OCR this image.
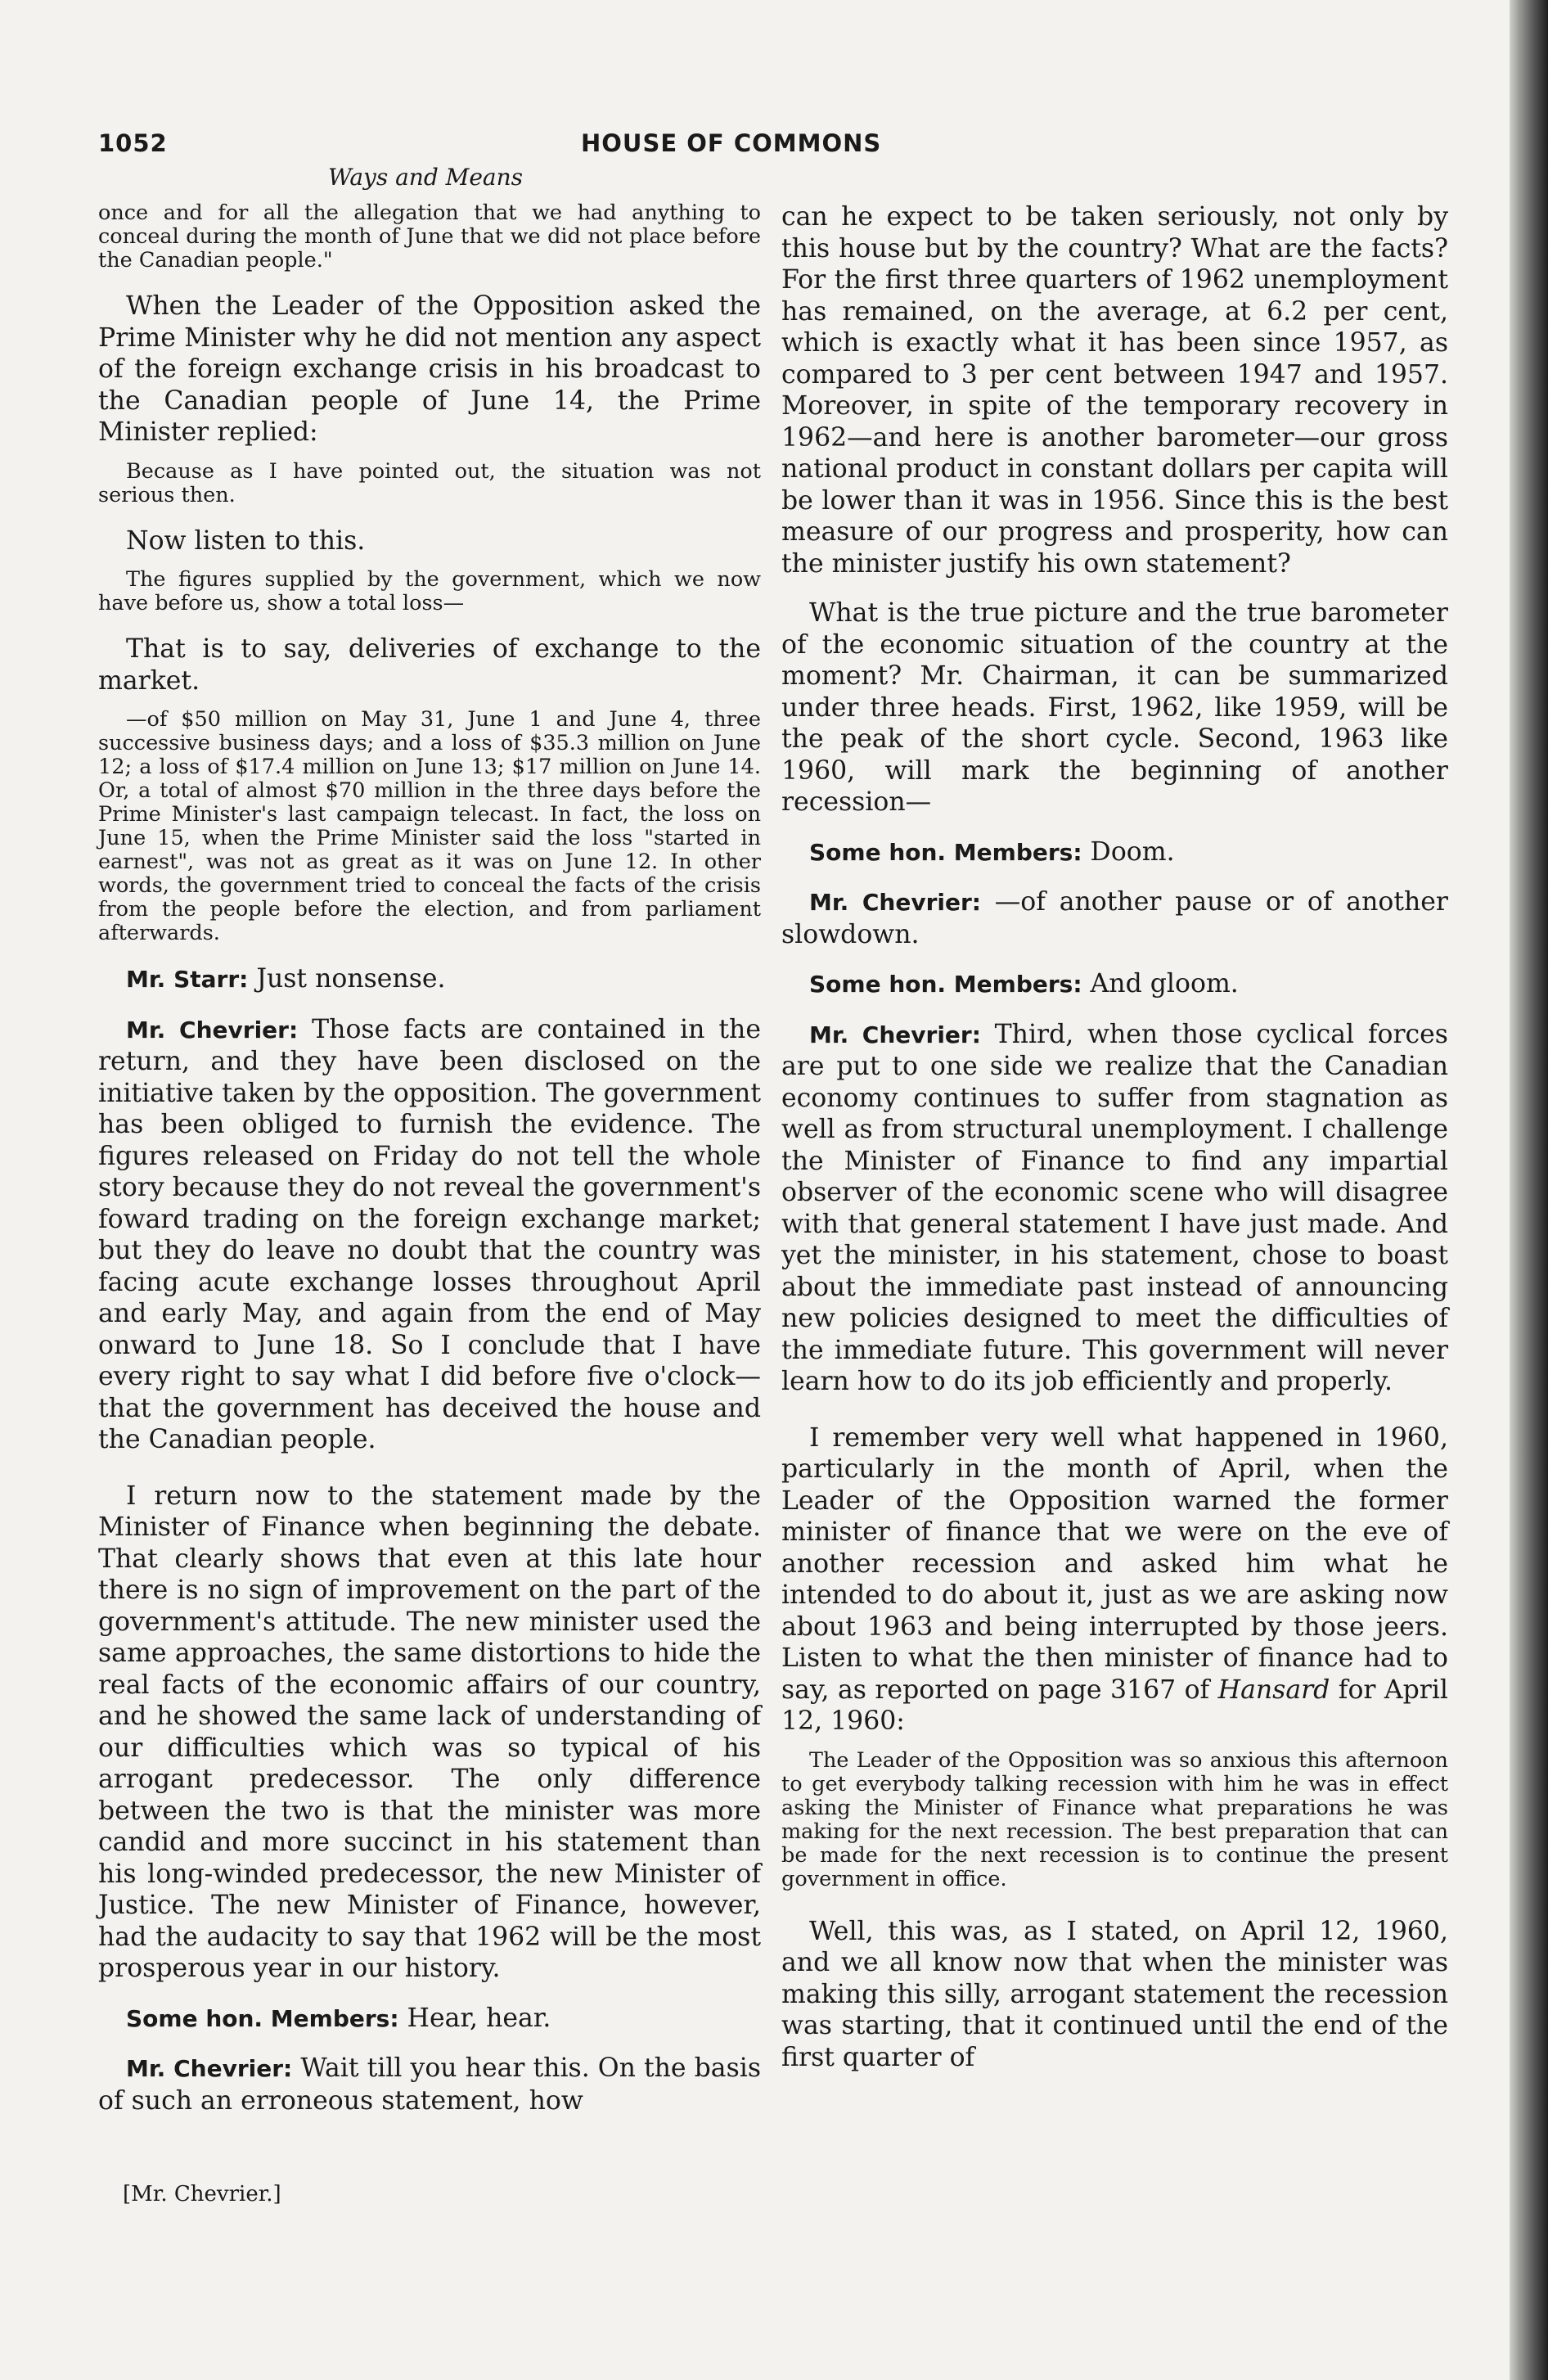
1052	HOUSE OF COMMONS
Ways and Means

once and for all the allegation that we had anything to conceal during the month of June that we did not place before the Canadian people."

When the Leader of the Opposition asked the Prime Minister why he did not mention any aspect of the foreign exchange crisis in his broadcast to the Canadian people of June 14, the Prime Minister replied:

Because as I have pointed out, the situation was not serious then.

Now listen to this.

The figures supplied by the government, which we now have before us, show a total loss—

That is to say, deliveries of exchange to the market.

—of $50 million on May 31, June 1 and June 4, three successive business days; and a loss of $35.3 million on June 12; a loss of $17.4 million on June 13; $17 million on June 14. Or, a total of almost $70 million in the three days before the Prime Minister's last campaign telecast. In fact, the loss on June 15, when the Prime Minister said the loss "started in earnest", was not as great as it was on June 12. In other words, the government tried to conceal the facts of the crisis from the people before the election, and from parliament afterwards.

Mr. Starr: Just nonsense.

Mr. Chevrier: Those facts are contained in the return, and they have been disclosed on the initiative taken by the opposition. The government has been obliged to furnish the evidence. The figures released on Friday do not tell the whole story because they do not reveal the government's foward trading on the foreign exchange market; but they do leave no doubt that the country was facing acute exchange losses throughout April and early May, and again from the end of May onward to June 18. So I conclude that I have every right to say what I did before five o'clock—that the government has deceived the house and the Canadian people.

I return now to the statement made by the Minister of Finance when beginning the debate. That clearly shows that even at this late hour there is no sign of improvement on the part of the government's attitude. The new minister used the same approaches, the same distortions to hide the real facts of the economic affairs of our country, and he showed the same lack of understanding of our difficulties which was so typical of his arrogant predecessor. The only difference between the two is that the minister was more candid and more succinct in his statement than his long-winded predecessor, the new Minister of Justice. The new Minister of Finance, however, had the audacity to say that 1962 will be the most prosperous year in our history.

Some hon. Members: Hear, hear.

Mr. Chevrier: Wait till you hear this. On the basis of such an erroneous statement, how

can he expect to be taken seriously, not only by this house but by the country? What are the facts? For the first three quarters of 1962 unemployment has remained, on the average, at 6.2 per cent, which is exactly what it has been since 1957, as compared to 3 per cent between 1947 and 1957. Moreover, in spite of the temporary recovery in 1962—and here is another barometer—our gross national product in constant dollars per capita will be lower than it was in 1956. Since this is the best measure of our progress and prosperity, how can the minister justify his own statement?

What is the true picture and the true barometer of the economic situation of the country at the moment? Mr. Chairman, it can be summarized under three heads. First, 1962, like 1959, will be the peak of the short cycle. Second, 1963 like 1960, will mark the beginning of another recession—

Some hon. Members: Doom.

Mr. Chevrier: —of another pause or of another slowdown.

Some hon. Members: And gloom.

Mr. Chevrier: Third, when those cyclical forces are put to one side we realize that the Canadian economy continues to suffer from stagnation as well as from structural unemployment. I challenge the Minister of Finance to find any impartial observer of the economic scene who will disagree with that general statement I have just made. And yet the minister, in his statement, chose to boast about the immediate past instead of announcing new policies designed to meet the difficulties of the immediate future. This government will never learn how to do its job efficiently and properly.

I remember very well what happened in 1960, particularly in the month of April, when the Leader of the Opposition warned the former minister of finance that we were on the eve of another recession and asked him what he intended to do about it, just as we are asking now about 1963 and being interrupted by those jeers. Listen to what the then minister of finance had to say, as reported on page 3167 of Hansard for April 12, 1960:

The Leader of the Opposition was so anxious this afternoon to get everybody talking recession with him he was in effect asking the Minister of Finance what preparations he was making for the next recession. The best preparation that can be made for the next recession is to continue the present government in office.

Well, this was, as I stated, on April 12, 1960, and we all know now that when the minister was making this silly, arrogant statement the recession was starting, that it continued until the end of the first quarter of

[Mr. Chevrier.]
